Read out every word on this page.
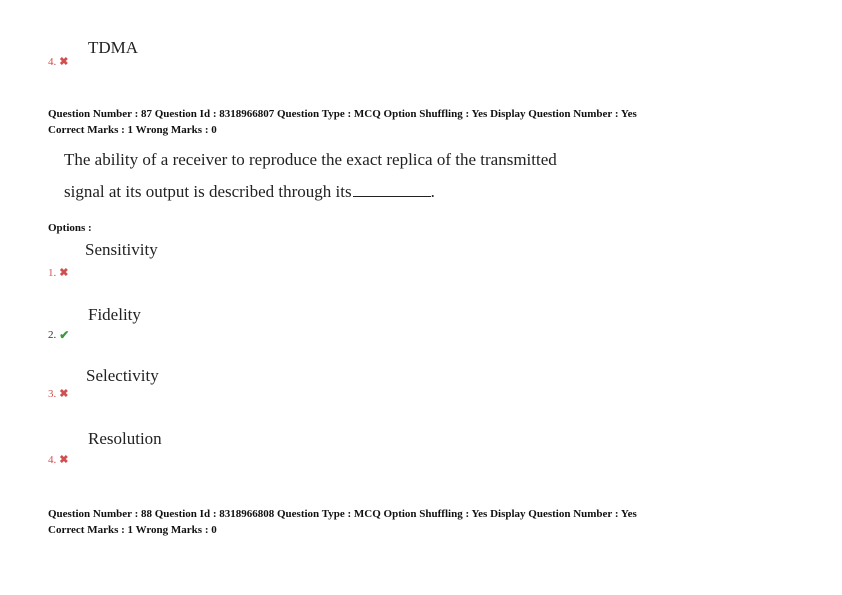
TDMA
4. ✖
Question Number : 87 Question Id : 8318966807 Question Type : MCQ Option Shuffling : Yes Display Question Number : Yes
Correct Marks : 1 Wrong Marks : 0
The ability of a receiver to reproduce the exact replica of the transmitted
signal at its output is described through its	.
Options :
Sensitivity
1. ✖
Fidelity
2. ✔
Selectivity
3. ✖
Resolution
4. ✖
Question Number : 88 Question Id : 8318966808 Question Type : MCQ Option Shuffling : Yes Display Question Number : Yes
Correct Marks : 1 Wrong Marks : 0
